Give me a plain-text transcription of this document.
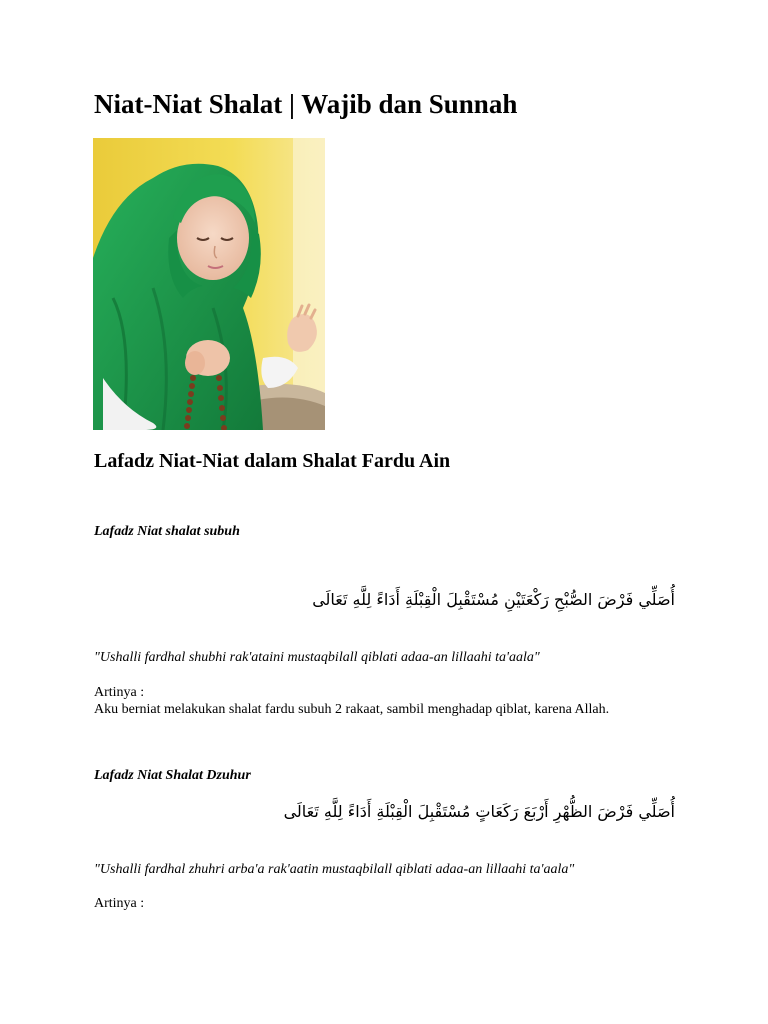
Niat-Niat Shalat | Wajib dan Sunnah
Lafadz Niat-Niat dalam Shalat Fardu Ain

Lafadz Niat shalat subuh

أُصَلِّي فَرْضَ الصُّبْحِ رَكْعَتَيْنِ مُسْتَقْبِلَ الْقِبْلَةِ أَدَاءً لِلَّهِ تَعَالَى

"Ushalli fardhal shubhi rak'ataini mustaqbilall qiblati adaa-an lillaahi ta'aala"

Artinya :

Aku berniat melakukan shalat fardu subuh 2 rakaat, sambil menghadap qiblat, karena Allah.

Lafadz Niat Shalat Dzuhur

أُصَلِّي فَرْضَ الظُّهْرِ أَرْبَعَ رَكَعَاتٍ مُسْتَقْبِلَ الْقِبْلَةِ أَدَاءً لِلَّهِ تَعَالَى

"Ushalli fardhal zhuhri arba'a rak'aatin mustaqbilall qiblati adaa-an lillaahi ta'aala"

Artinya :
